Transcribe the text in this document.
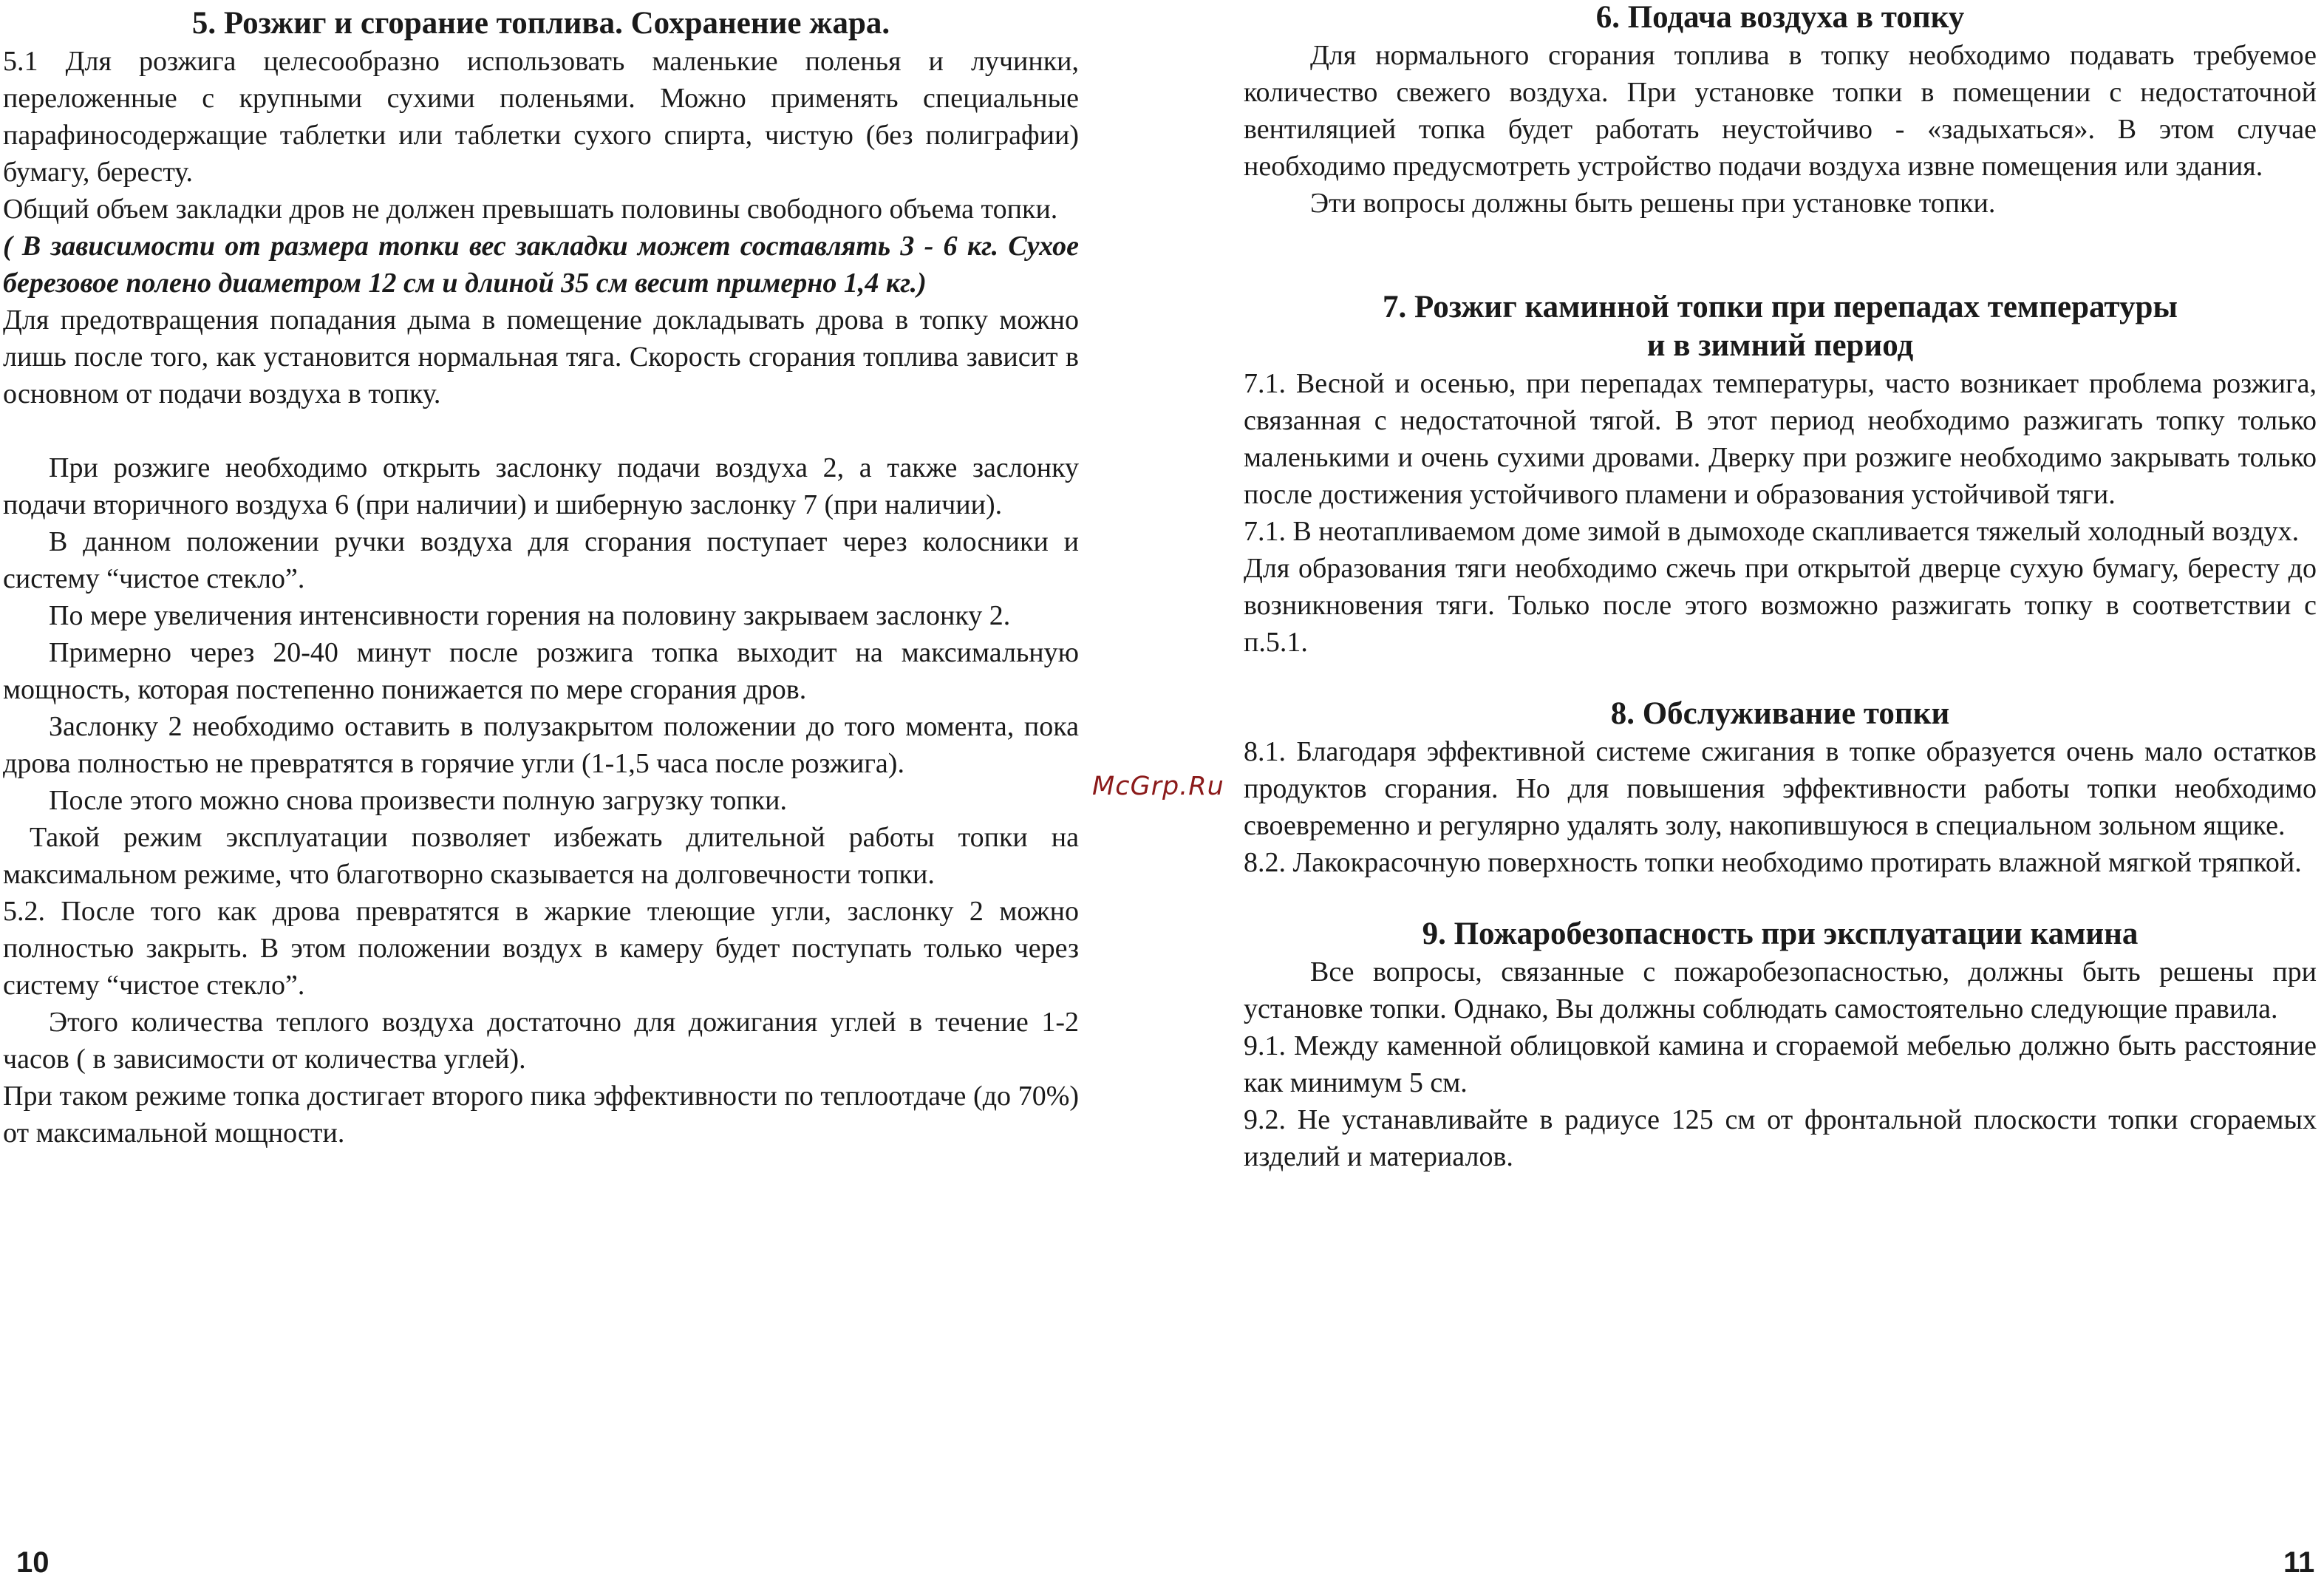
5. Розжиг и сгорание топлива. Сохранение жара.

5.1 Для розжига целесообразно использовать маленькие поленья и лучинки, переложенные с крупными сухими поленьями. Можно применять специальные парафиносодержащие таблетки или таблетки сухого спирта, чистую (без полиграфии) бумагу, бересту.

Общий объем закладки дров не должен превышать половины свободного объема топки.

( В зависимости от размера топки вес закладки может составлять 3 - 6 кг. Сухое березовое полено диаметром 12 см и длиной 35 см весит примерно 1,4 кг.)

Для предотвращения попадания дыма в помещение докладывать дрова в топку можно лишь после того, как установится нормальная тяга. Скорость сгорания топлива зависит в основном от подачи воздуха в топку.

При розжиге необходимо открыть заслонку подачи воздуха 2, а также заслонку подачи вторичного воздуха 6 (при наличии) и шиберную заслонку 7 (при наличии).

В данном положении ручки воздуха для сгорания поступает через колосники и систему “чистое стекло”.

По мере увеличения интенсивности горения на половину закрываем заслонку 2.

Примерно через 20-40 минут после розжига топка выходит на максимальную мощность, которая постепенно понижается по мере сгорания дров.

Заслонку 2 необходимо оставить в полузакрытом положении до того момента, пока дрова полностью не превратятся в горячие угли (1-1,5 часа после розжига).

После этого можно снова произвести полную загрузку топки.

Такой режим эксплуатации позволяет избежать длительной работы топки на максимальном режиме, что благотворно сказывается на долговечности топки.

5.2. После того как дрова превратятся в жаркие тлеющие угли, заслонку 2 можно полностью закрыть. В этом положении воздух в камеру будет поступать только через систему “чистое стекло”.

Этого количества теплого воздуха достаточно для дожигания углей в течение 1-2 часов ( в зависимости от количества углей).

При таком режиме топка достигает второго пика эффективности по теплоотдаче (до 70%) от максимальной мощности.

6. Подача воздуха в топку

Для нормального сгорания топлива в топку необходимо подавать требуемое количество свежего воздуха. При установке топки в помещении с недостаточной вентиляцией топка будет работать неустойчиво - «задыхаться». В этом случае необходимо предусмотреть устройство подачи воздуха извне помещения или здания.

Эти вопросы должны быть решены при установке топки.

7. Розжиг каминной топки при перепадах температуры
и в зимний период

7.1. Весной и осенью, при перепадах температуры, часто возникает проблема розжига, связанная с недостаточной тягой. В этот период необходимо разжигать топку только маленькими и очень сухими дровами. Дверку при розжиге необходимо закрывать только после достижения устойчивого пламени и образования устойчивой тяги.

7.1. В неотапливаемом доме зимой в дымоходе скапливается тяжелый холодный воздух.

Для образования тяги необходимо сжечь при открытой дверце сухую бумагу, бересту до возникновения тяги. Только после этого возможно разжигать топку в соответствии с п.5.1.

8. Обслуживание топки

8.1. Благодаря эффективной системе сжигания в топке образуется очень мало остатков продуктов сгорания. Но для повышения эффективности работы топки необходимо своевременно и регулярно удалять золу, накопившуюся в специальном зольном ящике.

8.2. Лакокрасочную поверхность топки необходимо протирать влажной мягкой тряпкой.

9. Пожаробезопасность при эксплуатации камина

Все вопросы, связанные с пожаробезопасностью, должны быть решены при установке топки. Однако, Вы должны соблюдать самостоятельно следующие правила.

9.1. Между каменной облицовкой камина и сгораемой мебелью должно быть расстояние как минимум 5 см.

9.2. Не устанавливайте в радиусе 125 см от фронтальной плоскости топки сгораемых изделий и материалов.

McGrp.Ru
10	11
